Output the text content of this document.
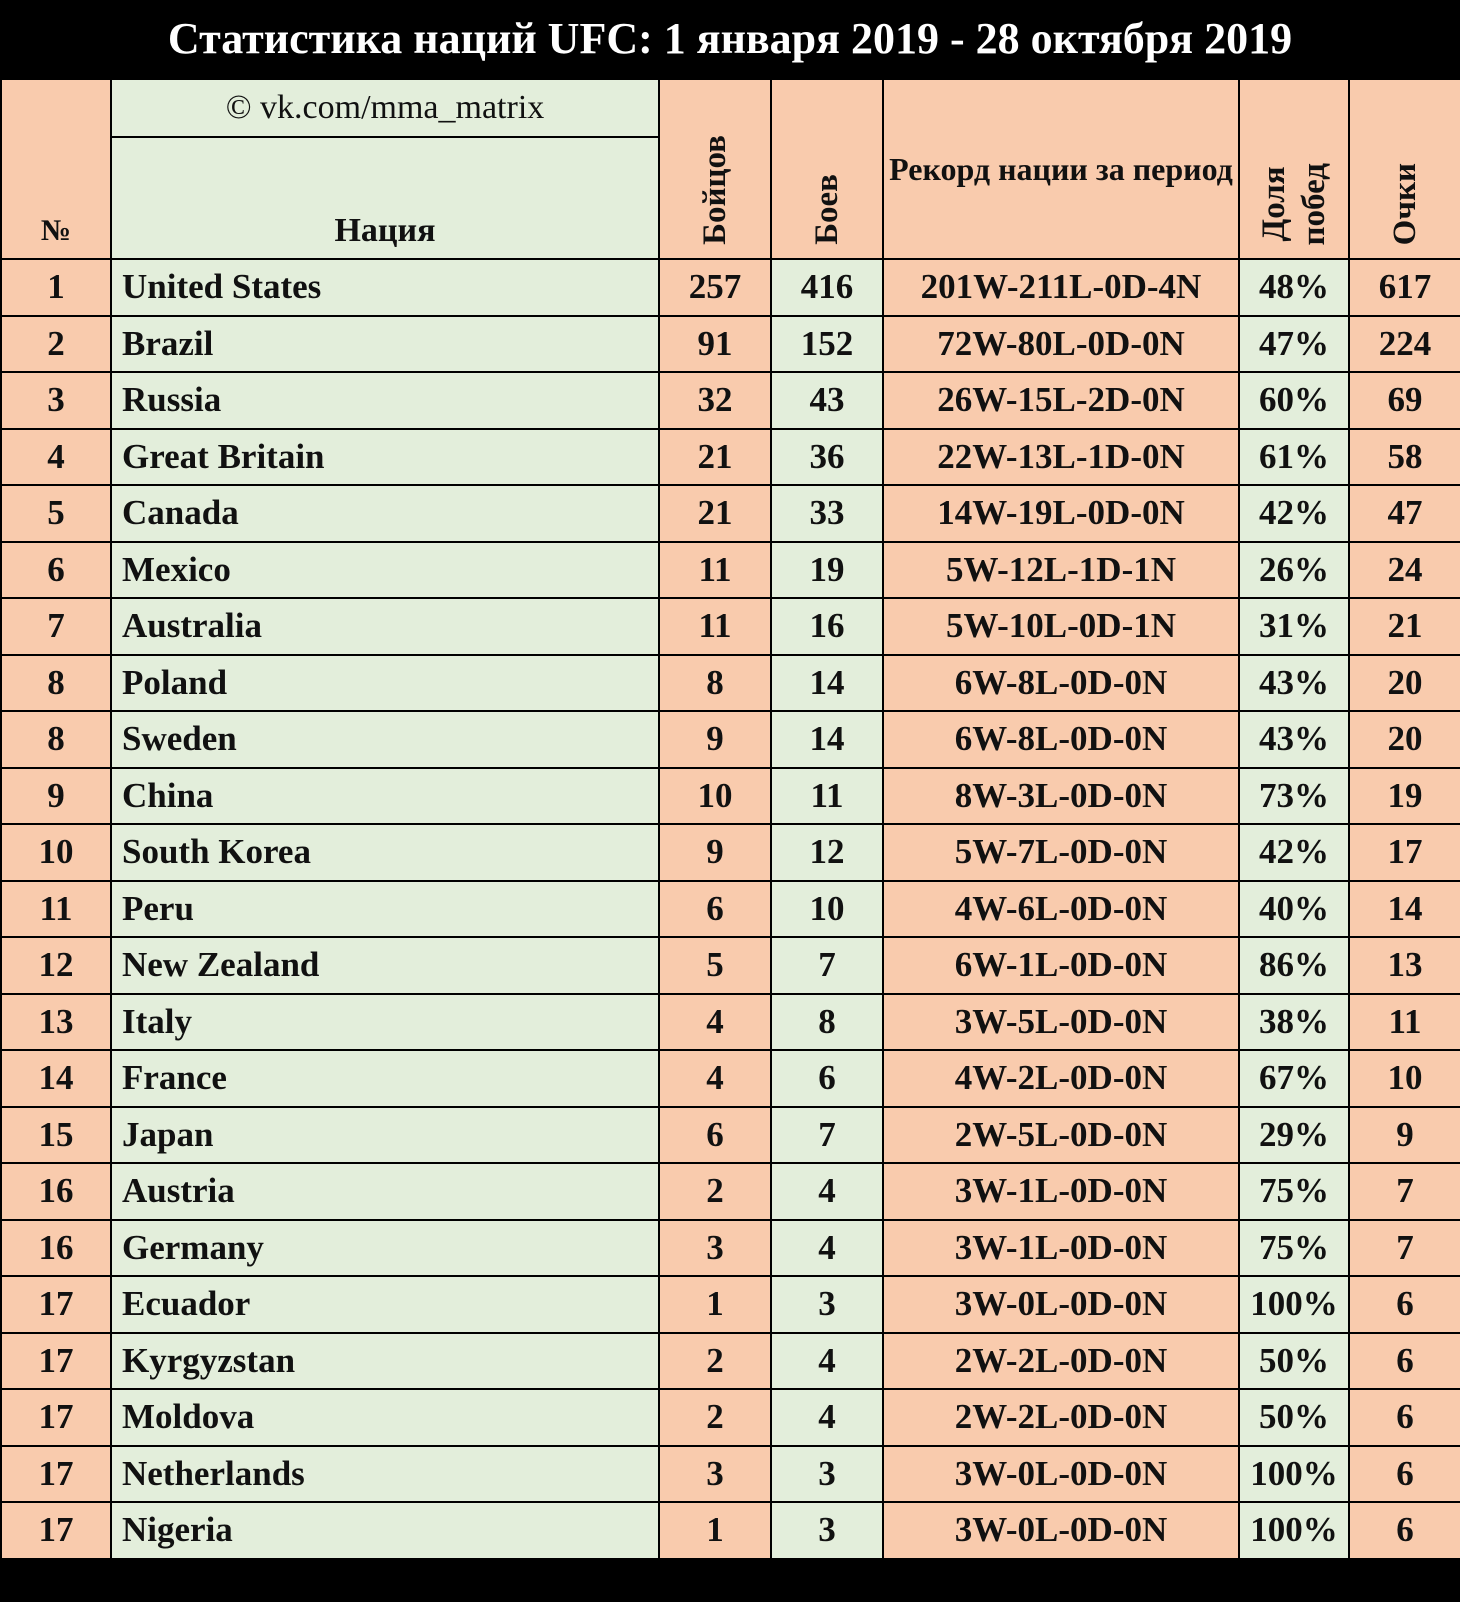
Статистика наций UFC: 1 января 2019 - 28 октября 2019
№	© vk.com/mma_matrix	Бойцов	Боев	Рекорд нации за период	Доля побед	Очки
	Нация					
1	United States	257	416	201W-211L-0D-4N	48%	617
2	Brazil	91	152	72W-80L-0D-0N	47%	224
3	Russia	32	43	26W-15L-2D-0N	60%	69
4	Great Britain	21	36	22W-13L-1D-0N	61%	58
5	Canada	21	33	14W-19L-0D-0N	42%	47
6	Mexico	11	19	5W-12L-1D-1N	26%	24
7	Australia	11	16	5W-10L-0D-1N	31%	21
8	Poland	8	14	6W-8L-0D-0N	43%	20
8	Sweden	9	14	6W-8L-0D-0N	43%	20
9	China	10	11	8W-3L-0D-0N	73%	19
10	South Korea	9	12	5W-7L-0D-0N	42%	17
11	Peru	6	10	4W-6L-0D-0N	40%	14
12	New Zealand	5	7	6W-1L-0D-0N	86%	13
13	Italy	4	8	3W-5L-0D-0N	38%	11
14	France	4	6	4W-2L-0D-0N	67%	10
15	Japan	6	7	2W-5L-0D-0N	29%	9
16	Austria	2	4	3W-1L-0D-0N	75%	7
16	Germany	3	4	3W-1L-0D-0N	75%	7
17	Ecuador	1	3	3W-0L-0D-0N	100%	6
17	Kyrgyzstan	2	4	2W-2L-0D-0N	50%	6
17	Moldova	2	4	2W-2L-0D-0N	50%	6
17	Netherlands	3	3	3W-0L-0D-0N	100%	6
17	Nigeria	1	3	3W-0L-0D-0N	100%	6
